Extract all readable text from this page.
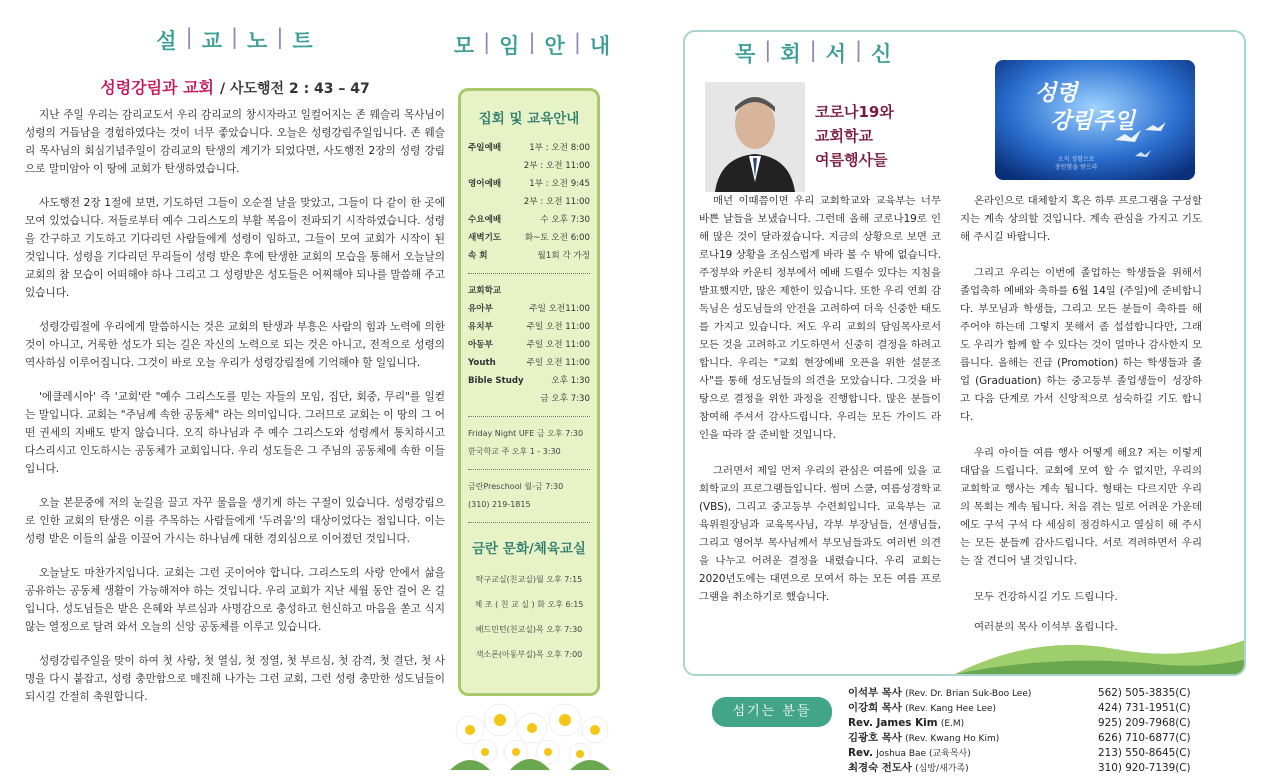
설 | 교 | 노 | 트
성령강림과 교회 / 사도행전 2 : 43 – 47

지난 주일 우리는 감리교도서 우리 감리교의 창시자라고 일컬어지는 존 웨슬리 목사님이 성령의 거듭남을 경험하였다는 것이 너무 좋았습니다. 오늘은 성령강림주일입니다. 존 웨슬리 목사님의 회심기념주일이 감리교의 탄생의 계기가 되었다면, 사도행전 2장의 성령 강림으로 말미암아 이 땅에 교회가 탄생하였습니다.

사도행전 2장 1절에 보면, 기도하던 그들이 오순절 날을 맞았고, 그들이 다 같이 한 곳에 모여 있었습니다. 저들로부터 예수 그리스도의 부활 복음이 전파되기 시작하였습니다. 성령을 간구하고 기도하고 기다리던 사람들에게 성령이 임하고, 그들이 모여 교회가 시작이 된 것입니다. 성령을 기다리던 무리들이 성령 받은 후에 탄생한 교회의 모습을 통해서 오늘날의 교회의 참 모습이 어떠해야 하나 그리고 그 성령받은 성도들은 어찌해야 되나를 말씀해 주고 있습니다.

성령강림절에 우리에게 말씀하시는 것은 교회의 탄생과 부흥은 사람의 힘과 노력에 의한 것이 아니고, 거룩한 성도가 되는 길은 자신의 노력으로 되는 것은 아니고, 전적으로 성령의 역사하심 이루어집니다. 그것이 바로 오늘 우리가 성령강림절에 기억해야 할 일입니다.

'에클레시아' 즉 '교회'란 "예수 그리스도를 믿는 자들의 모임, 집단, 회중, 무리"를 일컫는 말입니다. 교회는 "주님께 속한 공동체" 라는 의미입니다. 그러므로 교회는 이 땅의 그 어떤 권세의 지배도 받지 않습니다. 오직 하나님과 주 예수 그리스도와 성령께서 통치하시고 다스리시고 인도하시는 공동체가 교회입니다. 우리 성도들은 그 주님의 공동체에 속한 이들입니다.

오늘 본문중에 저의 눈길을 끌고 자꾸 물음을 생기게 하는 구절이 있습니다. 성령강림으로 인한 교회의 탄생은 이를 주목하는 사람들에게 '두려움'의 대상이었다는 점입니다. 이는 성령 받은 이들의 삶을 이끌어 가시는 하나님께 대한 경외심으로 이어졌던 것입니다.

오늘날도 마찬가지입니다. 교회는 그런 곳이어야 합니다. 그리스도의 사랑 안에서 삶을 공유하는 공동체 생활이 가능해져야 하는 것입니다. 우리 교회가 지난 세월 동안 걸어 온 길입니다. 성도님들은 받은 은혜와 부르심과 사명감으로 충성하고 헌신하고 마음을 쏟고 식지 않는 열정으로 달려 와서 오늘의 신앙 공동체를 이루고 있습니다.

성령강림주일을 맞이 하여 첫 사랑, 첫 열심, 첫 정열, 첫 부르심, 첫 감격, 첫 결단, 첫 사명을 다시 붙잡고, 성령 충만함으로 매진해 나가는 그런 교회, 그런 성령 충만한 성도님들이 되시길 간절히 축원합니다.

모 | 임 | 안 | 내
집회 및 교육안내
주일예배	1부 : 오전 8:00
2부 : 오전 11:00
영어예배	1부 : 오전 9:45
2부 : 오전 11:00
수요예배	수 오후 7:30
새벽기도	화~토 오전 6:00
속 회	월1회 각 가정
교회학교
유아부	주일 오전11:00
유치부	주일 오전 11:00
아동부	주일 오전 11:00
Youth	주일 오전 11:00
Bible Study	오후 1:30
금 오후 7:30
Friday Night UFE 금 오후 7:30
한국학교 주 오후 1 - 3:30
금란Preschool 월-금 7:30
(310) 219-1815
금란 문화/체육교실
탁구교실(친교실)월 오후 7:15
체 조 ( 친 교 실 ) 화 오후 6:15
배드민턴(친교실)목 오후 7:30
색소폰(아동부실)목 오후 7:00
목 | 회 | 서 | 신
코로나19와
교회학교
여름행사들
성령
강림주일
오직 성령으로
충만함을 받으라

매년 이때쯤이면 우리 교회학교와 교육부는 너무 바쁜 날들을 보냈습니다. 그런데 올해 코로나19로 인해 많은 것이 달라졌습니다. 지금의 상황으로 보면 코로나19 상황을 조심스럽게 바라 볼 수 밖에 없습니다. 주정부와 카운티 정부에서 예배 드릴수 있다는 지침을 발표했지만, 많은 제한이 있습니다. 또한 우리 연회 감독님은 성도님들의 안전을 고려하여 더욱 신중한 태도를 가지고 있습니다. 저도 우리 교회의 담임목사로서 모든 것을 고려하고 기도하면서 신중히 결정을 하려고 합니다. 우리는 "교회 현장예배 오픈을 위한 설문조사"를 통해 성도님들의 의견을 모았습니다. 그것을 바탕으로 결정을 위한 과정을 진행합니다. 많은 분들이 참여해 주셔서 감사드립니다. 우리는 모든 가이드 라인을 따라 잘 준비할 것입니다.

그러면서 제일 먼저 우리의 관심은 여름에 있을 교회학교의 프로그램들입니다. 썸머 스쿨, 여름성경학교 (VBS), 그리고 중고등부 수련회입니다. 교육부는 교육위원장님과 교육목사님, 각부 부장님들, 선생님들, 그리고 영어부 목사님께서 부모님들과도 여러번 의견을 나누고 어려운 결정을 내렸습니다. 우리 교회는 2020년도에는 대면으로 모여서 하는 모든 여름 프로그램을 취소하기로 했습니다.

온라인으로 대체할지 혹은 하루 프로그램을 구성할지는 계속 상의할 것입니다. 계속 관심을 가지고 기도해 주시길 바랍니다.

그리고 우리는 이번에 졸업하는 학생들을 위해서 졸업축하 예배와 축하를 6월 14일 (주일)에 준비합니다. 부모님과 학생들, 그리고 모든 분들이 축하를 해 주어야 하는데 그렇지 못해서 좀 섭섭합니다만, 그래도 우리가 함께 할 수 있다는 것이 얼마나 감사한지 모릅니다. 올해는 진급 (Promotion) 하는 학생들과 졸업 (Graduation) 하는 중고등부 졸업생들이 성장하고 다음 단계로 가서 신앙적으로 성숙하길 기도 합니다.

우리 아이들 여름 행사 어떻게 해요? 저는 이렇게 대답을 드립니다. 교회에 모여 할 수 없지만, 우리의 교회학교 행사는 계속 됩니다. 형태는 다르지만 우리의 목회는 계속 됩니다. 처음 겪는 일로 어려운 가운데에도 구석 구석 다 세심히 점검하시고 열심히 해 주시는 모든 분들께 감사드립니다. 서로 격려하면서 우리는 잘 견디어 낼 것입니다.

모두 건강하시길 기도 드립니다.
여러분의 목사 이석부 올립니다.
섬기는 분들
이석부 목사 (Rev. Dr. Brian Suk-Boo Lee)	562) 505-3835(C)
이강희 목사 (Rev. Kang Hee Lee)	424) 731-1951(C)
Rev. James Kim (E.M)	925) 209-7968(C)
김광호 목사 (Rev. Kwang Ho Kim)	626) 710-6877(C)
Rev. Joshua Bae (교육목사)	213) 550-8645(C)
최경숙 전도사 (심방/새가족)	310) 920-7139(C)
